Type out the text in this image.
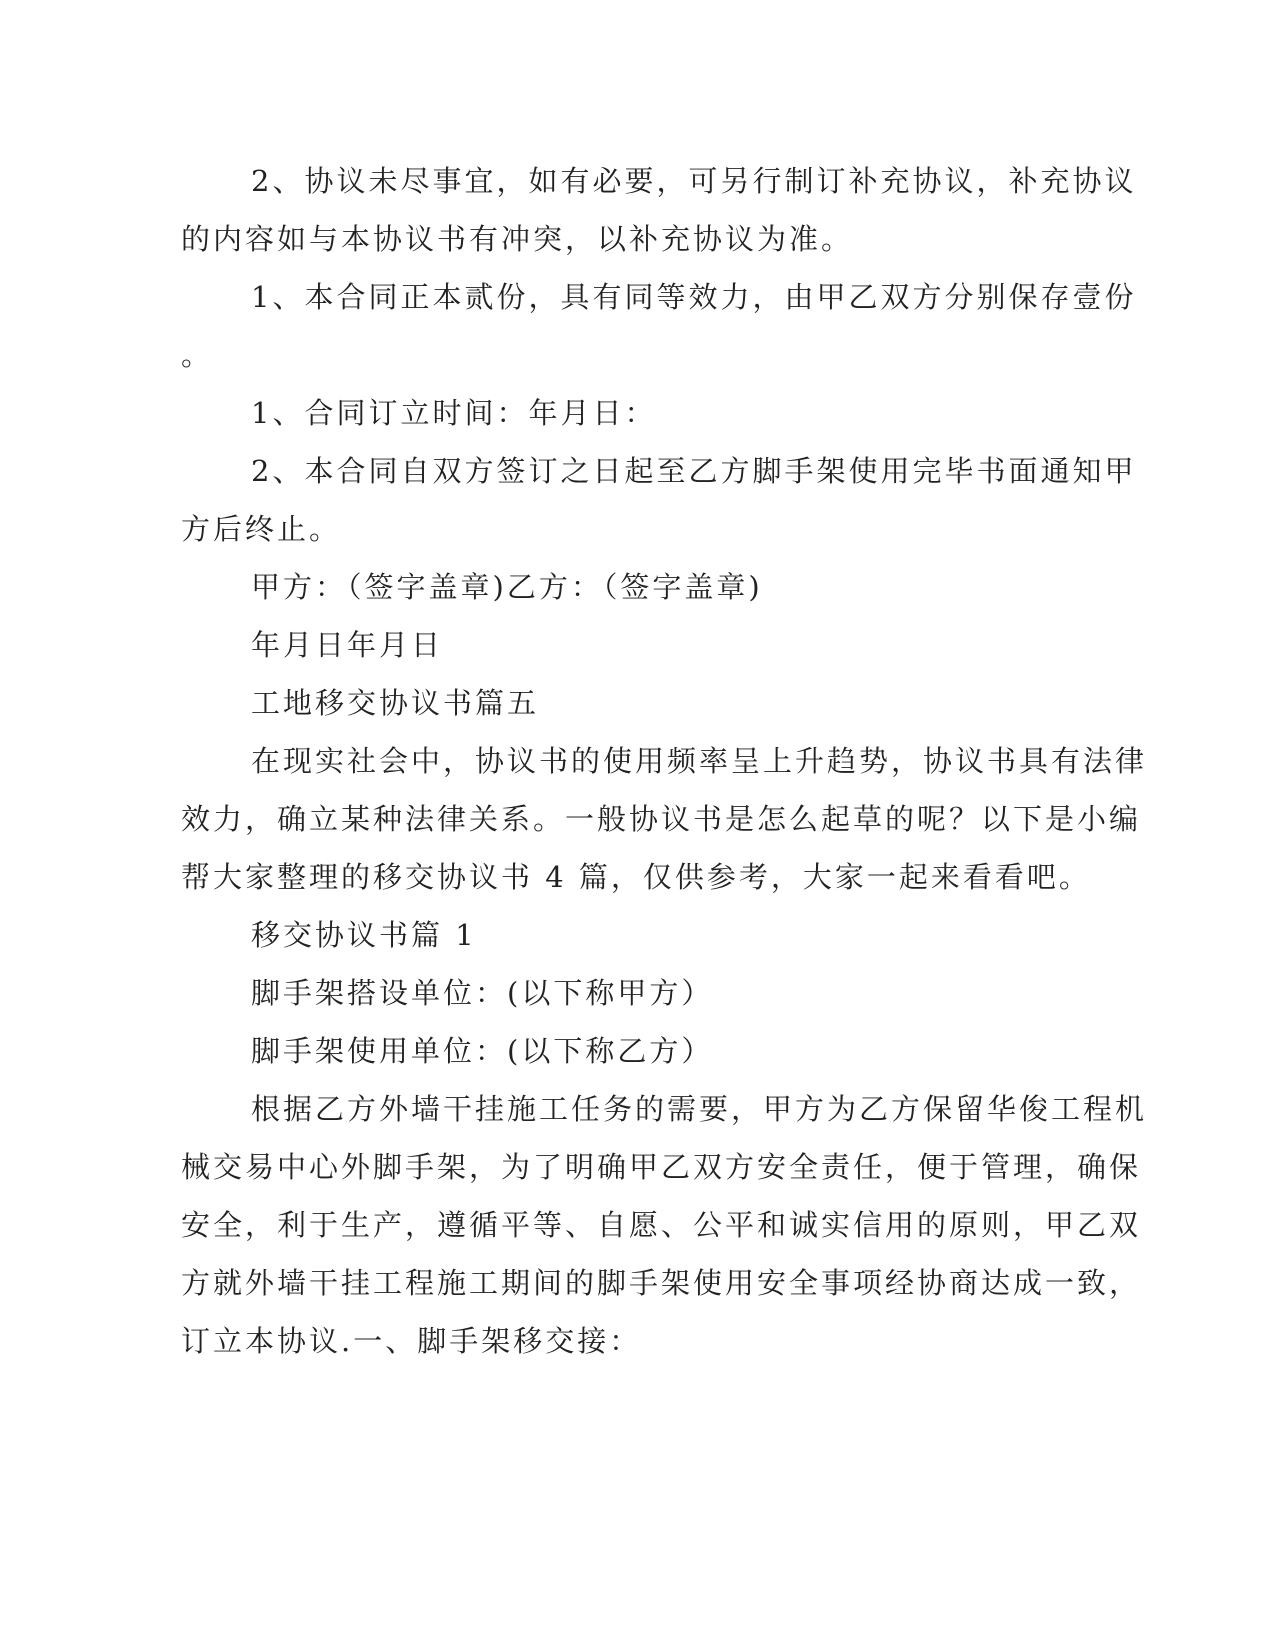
2、协议未尽事宜，如有必要，可另行制订补充协议，补充协议
的内容如与本协议书有冲突，以补充协议为准。
1、本合同正本贰份，具有同等效力，由甲乙双方分别保存壹份
。
1、合同订立时间：年月日：
2、本合同自双方签订之日起至乙方脚手架使用完毕书面通知甲
方后终止。
甲方：（签字盖章)乙方：（签字盖章)
年月日年月日
工地移交协议书篇五
在现实社会中，协议书的使用频率呈上升趋势，协议书具有法律
效力，确立某种法律关系。一般协议书是怎么起草的呢？以下是小编
帮大家整理的移交协议书 4 篇，仅供参考，大家一起来看看吧。
移交协议书篇 1
脚手架搭设单位：(以下称甲方）
脚手架使用单位：(以下称乙方）
根据乙方外墙干挂施工任务的需要，甲方为乙方保留华俊工程机
械交易中心外脚手架，为了明确甲乙双方安全责任，便于管理，确保
安全，利于生产，遵循平等、自愿、公平和诚实信用的原则，甲乙双
方就外墙干挂工程施工期间的脚手架使用安全事项经协商达成一致，
订立本协议.一、脚手架移交接：
